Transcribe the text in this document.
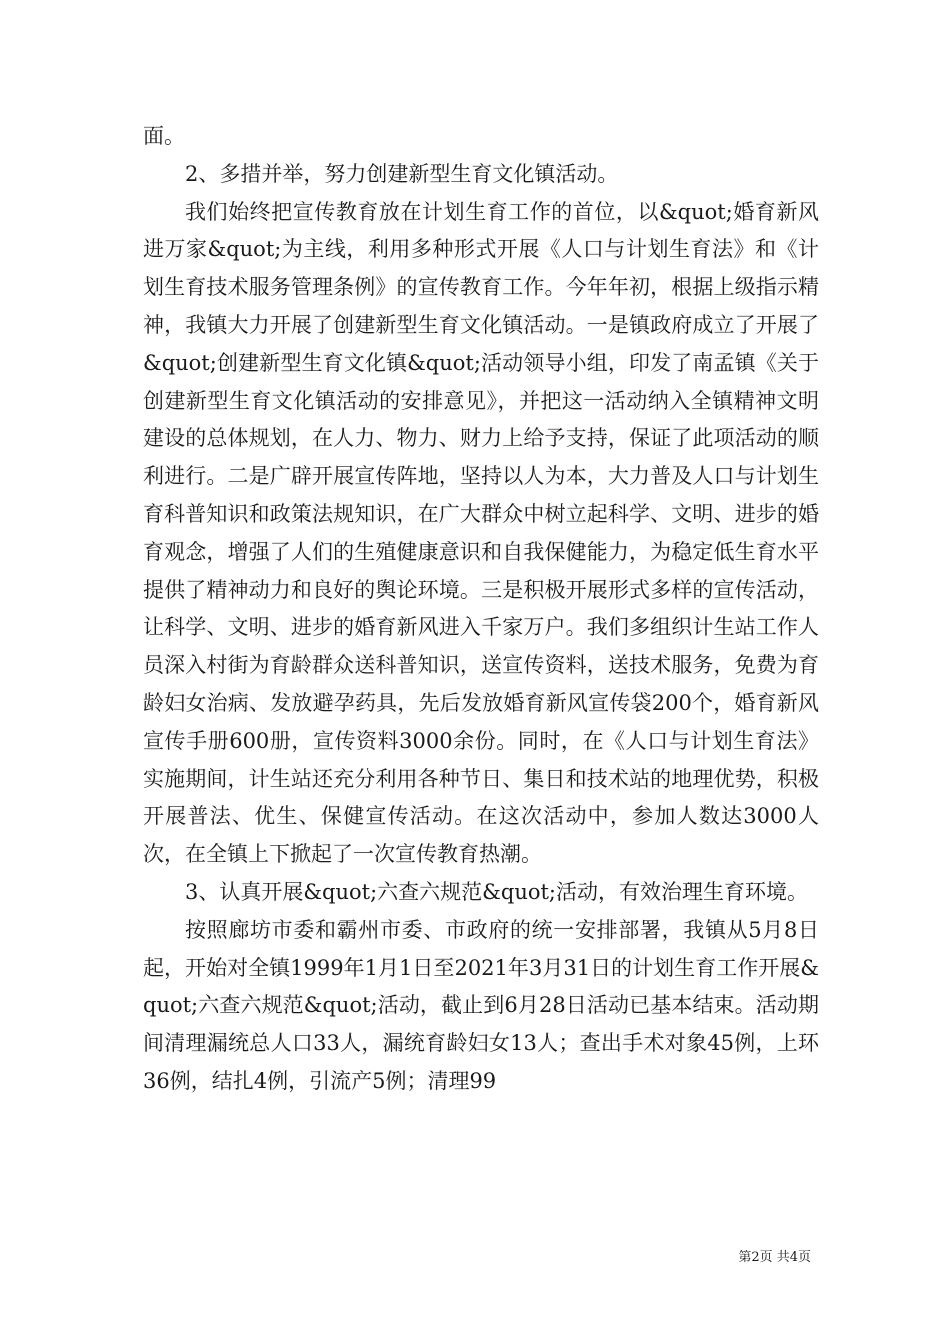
面。

2、多措并举，努力创建新型生育文化镇活动。

我们始终把宣传教育放在计划生育工作的首位，以&quot;婚育新风进万家&quot;为主线，利用多种形式开展《人口与计划生育法》和《计划生育技术服务管理条例》的宣传教育工作。今年年初，根据上级指示精神，我镇大力开展了创建新型生育文化镇活动。一是镇政府成立了开展了&quot;创建新型生育文化镇&quot;活动领导小组，印发了南孟镇《关于创建新型生育文化镇活动的安排意见》，并把这一活动纳入全镇精神文明建设的总体规划，在人力、物力、财力上给予支持，保证了此项活动的顺利进行。二是广辟开展宣传阵地，坚持以人为本，大力普及人口与计划生育科普知识和政策法规知识，在广大群众中树立起科学、文明、进步的婚育观念，增强了人们的生殖健康意识和自我保健能力，为稳定低生育水平提供了精神动力和良好的舆论环境。三是积极开展形式多样的宣传活动，让科学、文明、进步的婚育新风进入千家万户。我们多组织计生站工作人员深入村街为育龄群众送科普知识，送宣传资料，送技术服务，免费为育龄妇女治病、发放避孕药具，先后发放婚育新风宣传袋200个，婚育新风宣传手册600册，宣传资料3000余份。同时，在《人口与计划生育法》实施期间，计生站还充分利用各种节日、集日和技术站的地理优势，积极开展普法、优生、保健宣传活动。在这次活动中，参加人数达3000人次，在全镇上下掀起了一次宣传教育热潮。

3、认真开展&quot;六查六规范&quot;活动，有效治理生育环境。

按照廊坊市委和霸州市委、市政府的统一安排部署，我镇从5月8日起，开始对全镇1999年1月1日至2021年3月31日的计划生育工作开展&quot;六查六规范&quot;活动，截止到6月28日活动已基本结束。活动期间清理漏统总人口33人，漏统育龄妇女13人；查出手术对象45例，上环36例，结扎4例，引流产5例；清理99

第2页 共4页
